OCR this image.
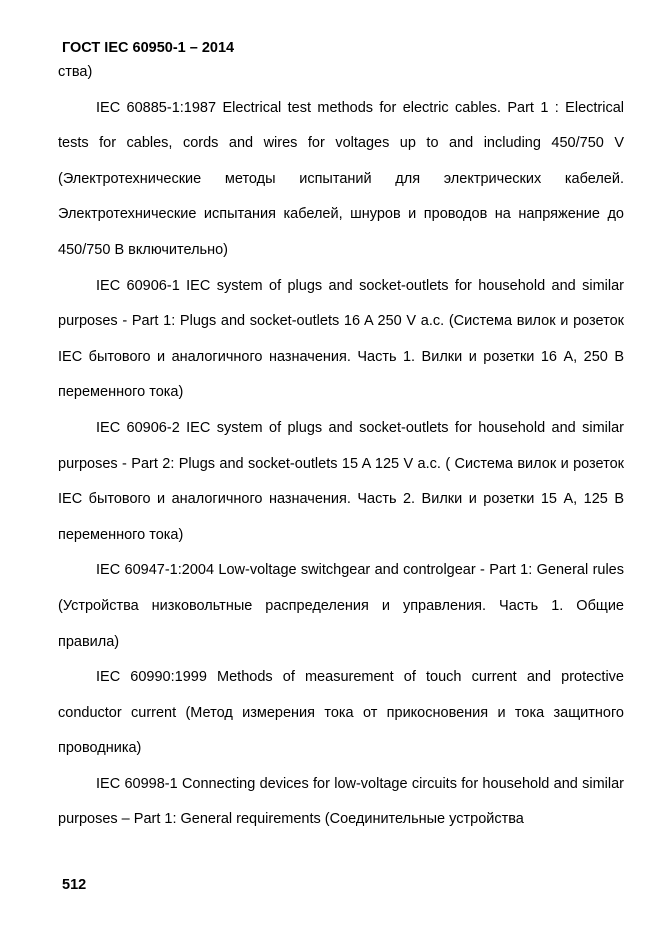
ГОСТ IEC 60950-1 – 2014

ства)

IEC 60885-1:1987 Electrical test methods for electric cables. Part 1 : Electrical tests for cables, cords and wires for voltages up to and including 450/750 V (Электротехнические методы испытаний для электрических кабелей. Электротехнические испытания кабелей, шнуров и проводов на напряжение до 450/750 В включительно)

IEC 60906-1 IEC system of plugs and socket-outlets for household and similar purposes - Part 1: Plugs and socket-outlets 16 A 250 V a.c. (Система вилок и розеток IEC бытового и аналогичного назначения. Часть 1. Вилки и розетки 16 А, 250 В переменного тока)

IEC 60906-2 IEC system of plugs and socket-outlets for household and similar purposes - Part 2: Plugs and socket-outlets 15 A 125 V a.c. ( Система вилок и розеток IEC бытового и аналогичного назначения. Часть 2. Вилки и розетки 15 А, 125 В переменного тока)

IEC 60947-1:2004 Low-voltage switchgear and controlgear - Part 1: General rules (Устройства низковольтные распределения и управления. Часть 1. Общие правила)

IEC 60990:1999 Methods of measurement of touch current and protective conductor current (Метод измерения тока от прикосновения и тока защитного проводника)

IEC 60998-1 Connecting devices for low-voltage circuits for household and similar purposes – Part 1: General requirements (Соединительные устройства

512
